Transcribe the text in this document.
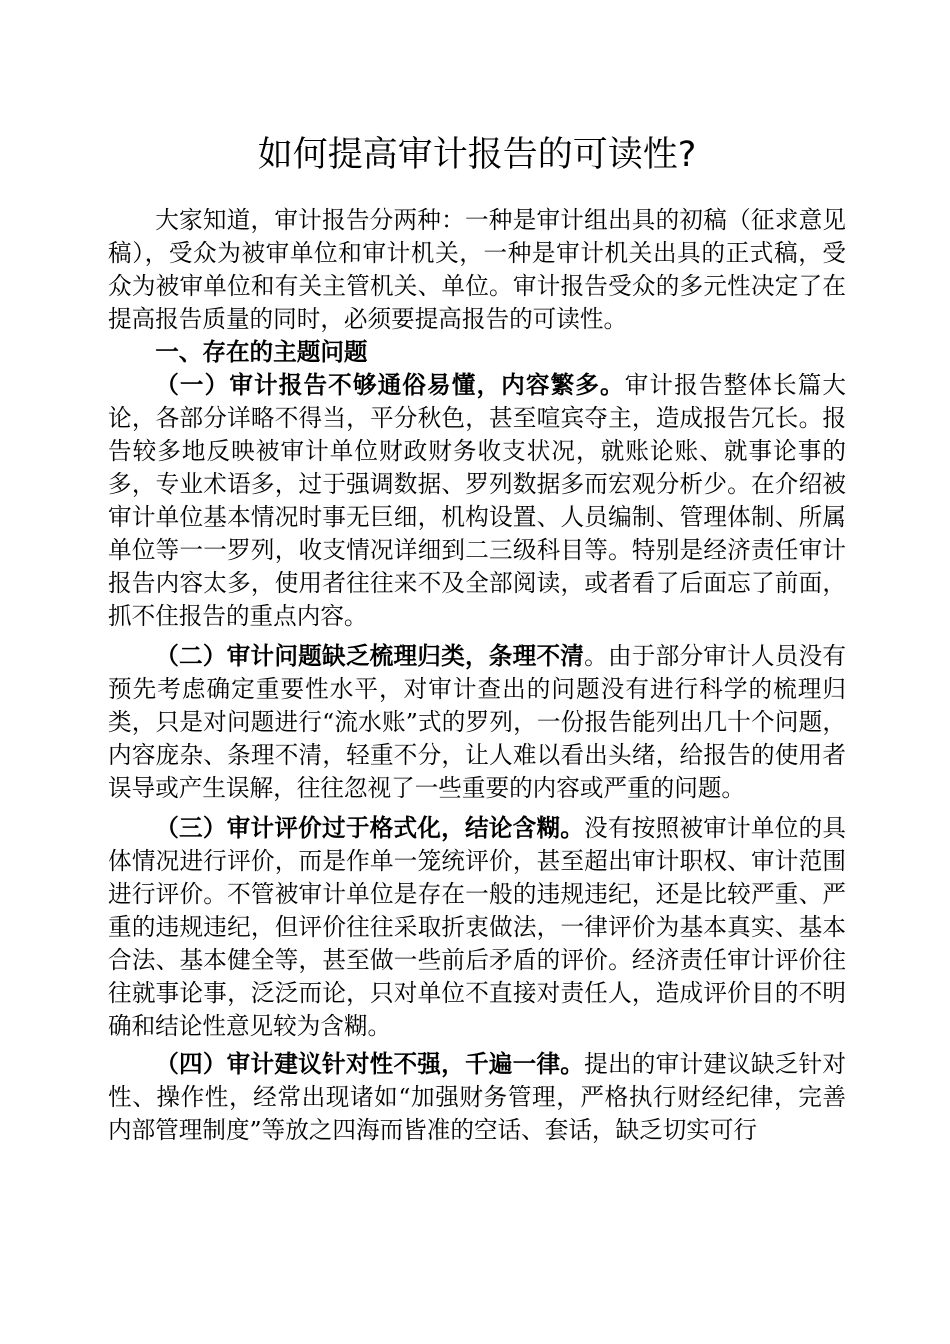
如何提高审计报告的可读性?

大家知道，审计报告分两种：一种是审计组出具的初稿（征求意见稿），受众为被审单位和审计机关，一种是审计机关出具的正式稿，受众为被审单位和有关主管机关、单位。审计报告受众的多元性决定了在提高报告质量的同时，必须要提高报告的可读性。

一、存在的主题问题

（一）审计报告不够通俗易懂，内容繁多。审计报告整体长篇大论，各部分详略不得当，平分秋色，甚至喧宾夺主，造成报告冗长。报告较多地反映被审计单位财政财务收支状况，就账论账、就事论事的多，专业术语多，过于强调数据、罗列数据多而宏观分析少。在介绍被审计单位基本情况时事无巨细，机构设置、人员编制、管理体制、所属单位等一一罗列，收支情况详细到二三级科目等。特别是经济责任审计报告内容太多，使用者往往来不及全部阅读，或者看了后面忘了前面，抓不住报告的重点内容。

（二）审计问题缺乏梳理归类，条理不清。由于部分审计人员没有预先考虑确定重要性水平，对审计查出的问题没有进行科学的梳理归类，只是对问题进行“流水账”式的罗列，一份报告能列出几十个问题，内容庞杂、条理不清，轻重不分，让人难以看出头绪，给报告的使用者误导或产生误解，往往忽视了一些重要的内容或严重的问题。

（三）审计评价过于格式化，结论含糊。没有按照被审计单位的具体情况进行评价，而是作单一笼统评价，甚至超出审计职权、审计范围进行评价。不管被审计单位是存在一般的违规违纪，还是比较严重、严重的违规违纪，但评价往往采取折衷做法，一律评价为基本真实、基本合法、基本健全等，甚至做一些前后矛盾的评价。经济责任审计评价往往就事论事，泛泛而论，只对单位不直接对责任人，造成评价目的不明确和结论性意见较为含糊。

（四）审计建议针对性不强，千遍一律。提出的审计建议缺乏针对性、操作性，经常出现诸如“加强财务管理，严格执行财经纪律，完善内部管理制度”等放之四海而皆准的空话、套话，缺乏切实可行
